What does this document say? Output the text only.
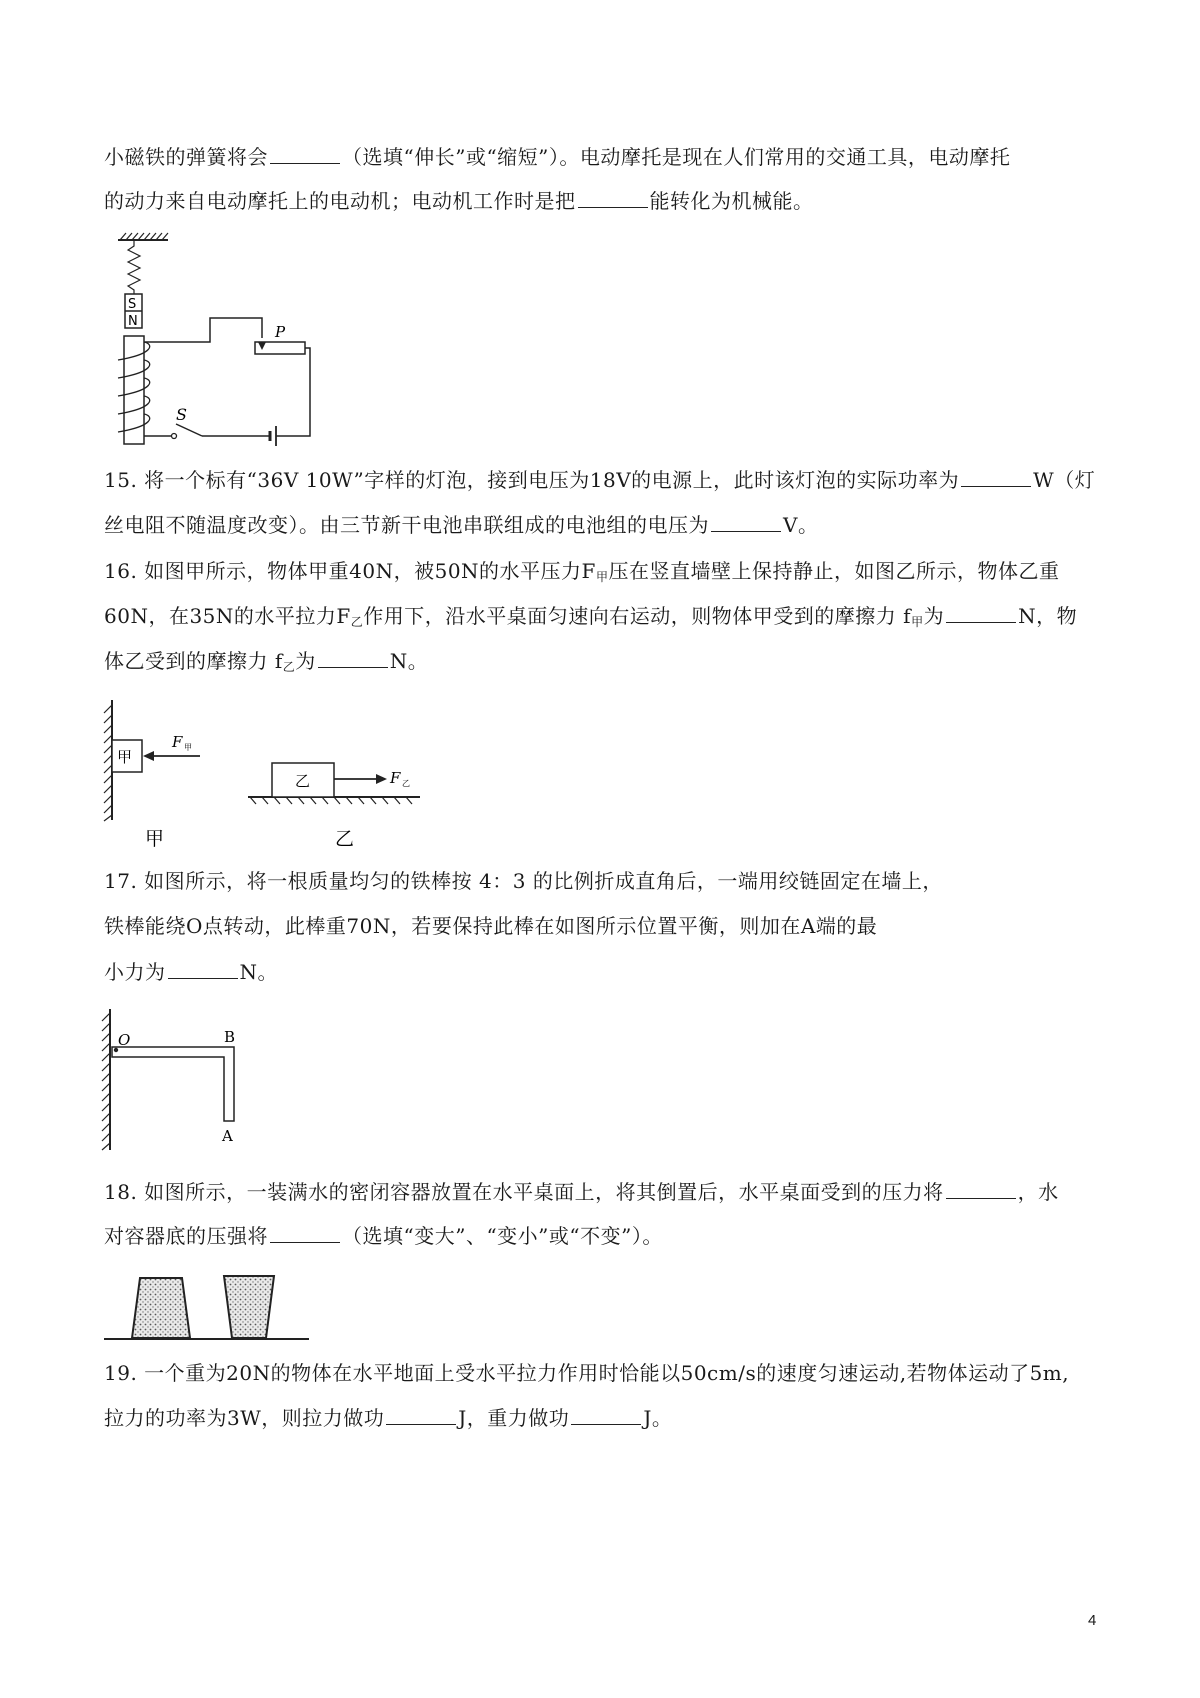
小磁铁的弹簧将会	（选填“伸长”或“缩短”）。电动摩托是现在人们常用的交通工具，电动摩托
的动力来自电动摩托上的电动机；电动机工作时是把	能转化为机械能。
S
N
P
S
15. 将一个标有“36V 10W”字样的灯泡，接到电压为18V的电源上，此时该灯泡的实际功率为	W（灯
丝电阻不随温度改变）。由三节新干电池串联组成的电池组的电压为	V。
16. 如图甲所示，物体甲重40N，被50N的水平压力$F_甲$压在竖直墙壁上保持静止，如图乙所示，物体乙重
60N，在35N的水平拉力$F_乙$作用下，沿水平桌面匀速向右运动，则物体甲受到的摩擦力 $f_甲$为	N，物
体乙受到的摩擦力 $f_乙$为	N。
甲
F 甲
乙	F 乙
甲	乙
17. 如图所示，将一根质量均匀的铁棒按 4：3 的比例折成直角后，一端用绞链固定在墙上，
铁棒能绕O点转动，此棒重70N，若要保持此棒在如图所示位置平衡，则加在A端的最
小力为	N。
O	B
A
18. 如图所示，一装满水的密闭容器放置在水平桌面上，将其倒置后，水平桌面受到的压力将	，水
对容器底的压强将	（选填“变大”、“变小”或“不变”）。
19. 一个重为20N的物体在水平地面上受水平拉力作用时恰能以50cm/s的速度匀速运动,若物体运动了5m,
拉力的功率为3W，则拉力做功	J，重力做功	J。
4
